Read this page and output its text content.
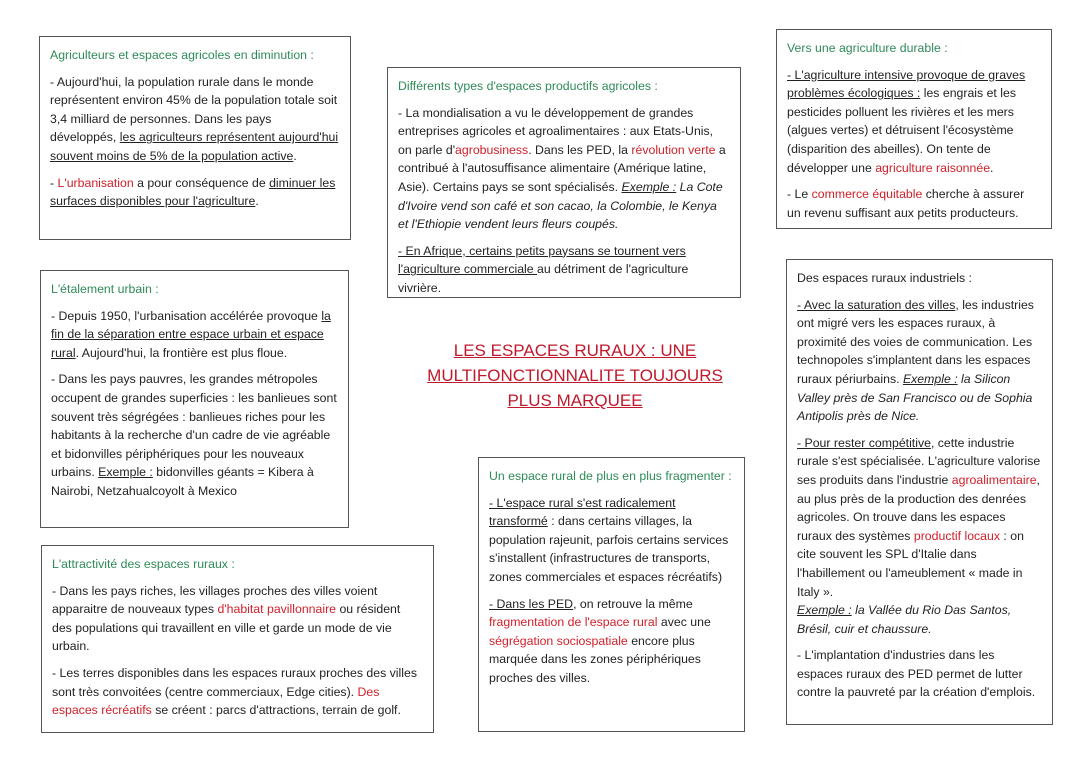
Agriculteurs et espaces agricoles en diminution :

- Aujourd'hui, la population rurale dans le monde représentent environ 45% de la population totale soit 3,4 milliard de personnes. Dans les pays développés, les agriculteurs représentent aujourd'hui souvent moins de 5% de la population active.

- L'urbanisation a pour conséquence de diminuer les surfaces disponibles pour l'agriculture.

Différents types d'espaces productifs agricoles :

- La mondialisation a vu le développement de grandes entreprises agricoles et agroalimentaires : aux Etats-Unis, on parle d'agrobusiness. Dans les PED, la révolution verte a contribué à l'autosuffisance alimentaire (Amérique latine, Asie). Certains pays se sont spécialisés. Exemple : La Cote d'Ivoire vend son café et son cacao, la Colombie, le Kenya et l'Ethiopie vendent leurs fleurs coupés.

- En Afrique, certains petits paysans se tournent vers l'agriculture commerciale au détriment de l'agriculture vivrière.

Vers une agriculture durable :

- L'agriculture intensive provoque de graves problèmes écologiques : les engrais et les pesticides polluent les rivières et les mers (algues vertes) et détruisent l'écosystème (disparition des abeilles). On tente de développer une agriculture raisonnée.

- Le commerce équitable cherche à assurer un revenu suffisant aux petits producteurs.

L'étalement urbain :

- Depuis 1950, l'urbanisation accélérée provoque la fin de la séparation entre espace urbain et espace rural. Aujourd'hui, la frontière est plus floue.

- Dans les pays pauvres, les grandes métropoles occupent de grandes superficies : les banlieues sont souvent très ségrégées : banlieues riches pour les habitants à la recherche d'un cadre de vie agréable et bidonvilles périphériques pour les nouveaux urbains. Exemple : bidonvilles géants = Kibera à Nairobi, Netzahualcoyolt à Mexico

LES ESPACES RURAUX : UNE
MULTIFONCTIONNALITE TOUJOURS
PLUS MARQUEE

Des espaces ruraux industriels :

- Avec la saturation des villes, les industries ont migré vers les espaces ruraux, à proximité des voies de communication. Les technopoles s'implantent dans les espaces ruraux périurbains. Exemple : la Silicon Valley près de San Francisco ou de Sophia Antipolis près de Nice.

- Pour rester compétitive, cette industrie rurale s'est spécialisée. L'agriculture valorise ses produits dans l'industrie agroalimentaire, au plus près de la production des denrées agricoles. On trouve dans les espaces ruraux des systèmes productif locaux : on cite souvent les SPL d'Italie dans l'habillement ou l'ameublement « made in Italy ».
Exemple : la Vallée du Rio Das Santos, Brésil, cuir et chaussure.

- L'implantation d'industries dans les espaces ruraux des PED permet de lutter contre la pauvreté par la création d'emplois.

L'attractivité des espaces ruraux :

- Dans les pays riches, les villages proches des villes voient apparaitre de nouveaux types d'habitat pavillonnaire ou résident des populations qui travaillent en ville et garde un mode de vie urbain.

- Les terres disponibles dans les espaces ruraux proches des villes sont très convoitées (centre commerciaux, Edge cities). Des espaces récréatifs se créent : parcs d'attractions, terrain de golf.

Un espace rural de plus en plus fragmenter :

- L'espace rural s'est radicalement transformé : dans certains villages, la population rajeunit, parfois certains services s'installent (infrastructures de transports, zones commerciales et espaces récréatifs)

- Dans les PED, on retrouve la même fragmentation de l'espace rural avec une ségrégation sociospatiale encore plus marquée dans les zones périphériques proches des villes.
